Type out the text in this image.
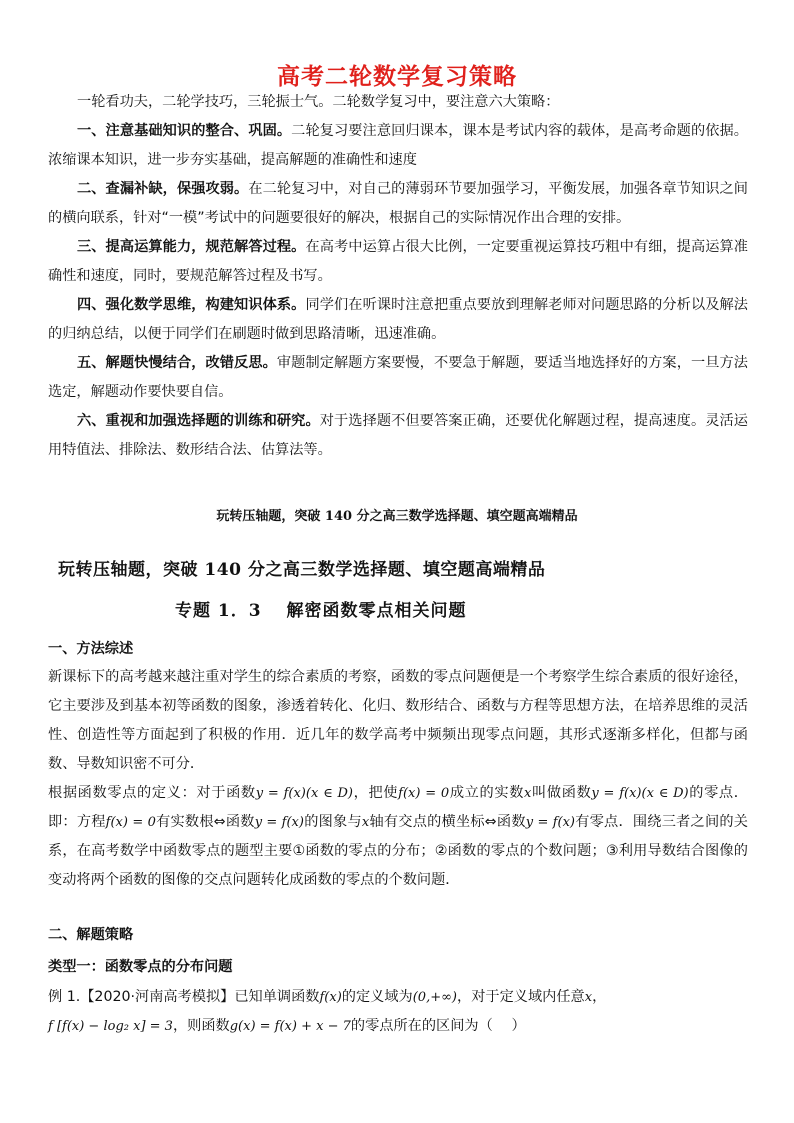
高考二轮数学复习策略
一轮看功夫，二轮学技巧，三轮振士气。二轮数学复习中，要注意六大策略：
一、注意基础知识的整合、巩固。二轮复习要注意回归课本，课本是考试内容的载体，是高考命题的依据。浓缩课本知识，进一步夯实基础，提高解题的准确性和速度
二、查漏补缺，保强攻弱。在二轮复习中，对自己的薄弱环节要加强学习，平衡发展，加强各章节知识之间的横向联系，针对“一模”考试中的问题要很好的解决，根据自己的实际情况作出合理的安排。
三、提高运算能力，规范解答过程。在高考中运算占很大比例，一定要重视运算技巧粗中有细，提高运算准确性和速度，同时，要规范解答过程及书写。
四、强化数学思维，构建知识体系。同学们在听课时注意把重点要放到理解老师对问题思路的分析以及解法的归纳总结，以便于同学们在刷题时做到思路清晰，迅速准确。
五、解题快慢结合，改错反思。审题制定解题方案要慢，不要急于解题，要适当地选择好的方案，一旦方法选定，解题动作要快要自信。
六、重视和加强选择题的训练和研究。对于选择题不但要答案正确，还要优化解题过程，提高速度。灵活运用特值法、排除法、数形结合法、估算法等。
玩转压轴题，突破 140 分之高三数学选择题、填空题高端精品
玩转压轴题，突破 140 分之高三数学选择题、填空题高端精品
专题 1．3　 解密函数零点相关问题
一、方法综述
新课标下的高考越来越注重对学生的综合素质的考察，函数的零点问题便是一个考察学生综合素质的很好途径，它主要涉及到基本初等函数的图象，渗透着转化、化归、数形结合、函数与方程等思想方法，在培养思维的灵活性、创造性等方面起到了积极的作用．近几年的数学高考中频频出现零点问题，其形式逐渐多样化，但都与函数、导数知识密不可分．
根据函数零点的定义：对于函数y = f(x)(x ∈ D)，把使f(x) = 0成立的实数x叫做函数y = f(x)(x ∈ D)的零点．即：方程f(x) = 0有实数根⇔函数y = f(x)的图象与x轴有交点的横坐标⇔函数y = f(x)有零点．围绕三者之间的关系，在高考数学中函数零点的题型主要①函数的零点的分布；②函数的零点的个数问题；③利用导数结合图像的变动将两个函数的图像的交点问题转化成函数的零点的个数问题．
二、解题策略
类型一：函数零点的分布问题
例 1.【2020·河南高考模拟】已知单调函数f(x)的定义域为(0,+∞)，对于定义域内任意x，
f [f(x) − log₂ x] = 3，则函数g(x) = f(x) + x − 7的零点所在的区间为（　 ）
